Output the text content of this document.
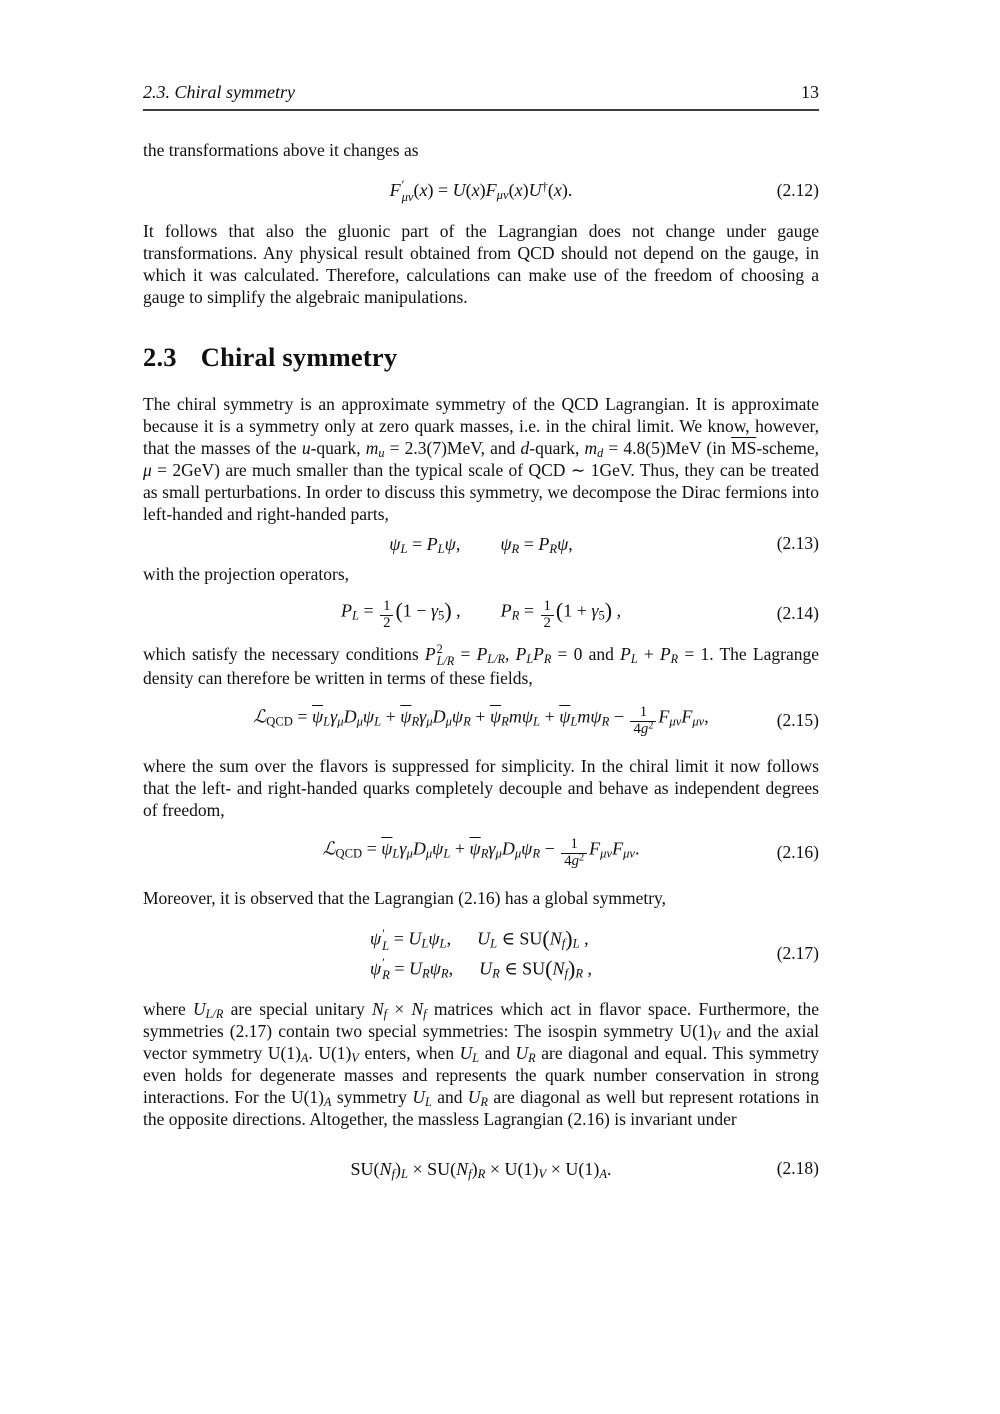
2.3. Chiral symmetry	13

the transformations above it changes as

F ′
μν $(x) = U(x)F_{\mu\nu}(x)U^\dagger(x)$.	(2.12)

It follows that also the gluonic part of the Lagrangian does not change under gauge transformations. Any physical result obtained from QCD should not depend on the gauge, in which it was calculated. Therefore, calculations can make use of the freedom of choosing a gauge to simplify the algebraic manipulations.

2.3 Chiral symmetry

The chiral symmetry is an approximate symmetry of the QCD Lagrangian. It is approximate because it is a symmetry only at zero quark masses, i.e. in the chiral limit. We know, however, that the masses of the u-quark, $m_u = 2.3(7)MeV$, and d-quark, $m_d = 4.8(5)MeV$ (in $\overline{MS}$-scheme, μ = 2GeV) are much smaller than the typical scale of QCD ∼ 1GeV. Thus, they can be treated as small perturbations. In order to discuss this symmetry, we decompose the Dirac fermions into left-handed and right-handed parts,

$\psi_L = P_L\psi$, $\psi_R = P_R\psi$,	(2.13)

with the projection operators,

$P_L = \frac{1}{2} (1 - \gamma_5)$ , $P_R = \frac{1}{2} (1 + \gamma_5)$ ,	(2.14)

which satisfy the necessary conditions P 2
$L/R = P_{L/R}$, $P_LP_R = 0$ and $P_L + P_R = 1$. The Lagrange density can therefore be written in terms of these fields,

ℒ$_{QCD}$ = $\overline{\psi}_L\gamma_\mu D_\mu\psi_L + \overline{\psi}_R\gamma_\mu D_\mu\psi_R + \overline{\psi}_Rm\psi_L + \overline{\psi}_Lm\psi_R - \frac{1}{4g^2} F_{\mu\nu}F_{\mu\nu}$,	(2.15)

where the sum over the flavors is suppressed for simplicity. In the chiral limit it now follows that the left- and right-handed quarks completely decouple and behave as independent degrees of freedom,

ℒ$_{QCD}$ = $\overline{\psi}_L\gamma_\mu D_\mu\psi_L + \overline{\psi}_R\gamma_\mu D_\mu\psi_R - \frac{1}{4g^2} F_{\mu\nu}F_{\mu\nu}$.	(2.16)

Moreover, it is observed that the Lagrangian (2.16) has a global symmetry,

ψ ′
$L = U_L\psi_L$, $U_L$ ∈ $SU(N_f)_L$ ,
ψ ′
$R = U_R\psi_R$, $U_R$ ∈ $SU(N_f)_R$ ,
(2.17)

where $U_{L/R}$ are special unitary $N_f \times N_f$ matrices which act in flavor space. Furthermore, the symmetries (2.17) contain two special symmetries: The isospin symmetry $U(1)_V$ and the axial vector symmetry $U(1)_A$. $U(1)_V$ enters, when $U_L$ and $U_R$ are diagonal and equal. This symmetry even holds for degenerate masses and represents the quark number conservation in strong interactions. For the $U(1)_A$ symmetry $U_L$ and $U_R$ are diagonal as well but represent rotations in the opposite directions. Altogether, the massless Lagrangian (2.16) is invariant under

$SU(N_f)_L \times SU(N_f)_R \times U(1)_V \times U(1)_A$.	(2.18)
